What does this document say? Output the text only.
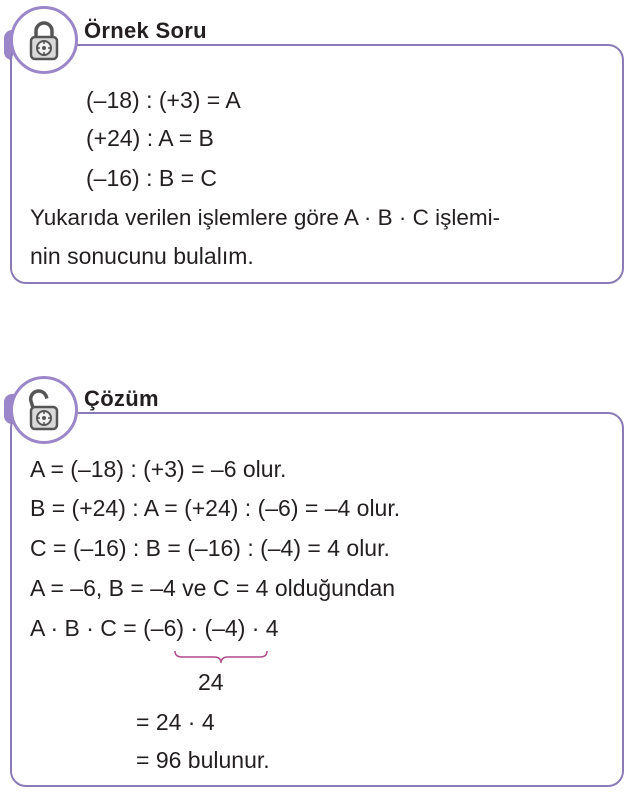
Örnek Soru
(–18) : (+3) = A
(+24) : A = B
(–16) : B = C
Yukarıda verilen işlemlere göre A · B · C işlemi-
nin sonucunu bulalım.
Çözüm
A = (–18) : (+3) = –6 olur.
B = (+24) : A = (+24) : (–6) = –4 olur.
C = (–16) : B = (–16) : (–4) = 4 olur.
A = –6, B = –4 ve C = 4 olduğundan
A · B · C = (–6) · (–4) · 4
24
= 24 · 4
= 96 bulunur.
